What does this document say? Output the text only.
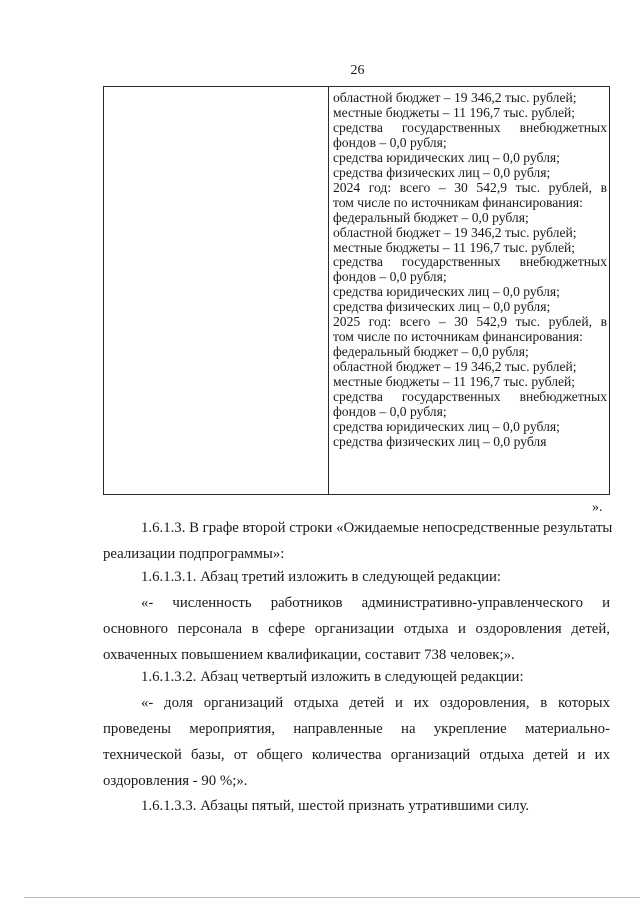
26
областной бюджет – 19 346,2 тыс. рублей;
местные бюджеты – 11 196,7 тыс. рублей;
средства государственных внебюджетных
фондов – 0,0 рубля;
средства юридических лиц – 0,0 рубля;
средства физических лиц – 0,0 рубля;
2024 год: всего – 30 542,9 тыс. рублей, в
том числе по источникам финансирования:
федеральный бюджет – 0,0 рубля;
областной бюджет – 19 346,2 тыс. рублей;
местные бюджеты – 11 196,7 тыс. рублей;
средства государственных внебюджетных
фондов – 0,0 рубля;
средства юридических лиц – 0,0 рубля;
средства физических лиц – 0,0 рубля;
2025 год: всего – 30 542,9 тыс. рублей, в
том числе по источникам финансирования:
федеральный бюджет – 0,0 рубля;
областной бюджет – 19 346,2 тыс. рублей;
местные бюджеты – 11 196,7 тыс. рублей;
средства государственных внебюджетных
фондов – 0,0 рубля;
средства юридических лиц – 0,0 рубля;
средства физических лиц – 0,0 рубля
».
1.6.1.3. В графе второй строки «Ожидаемые непосредственные результаты
реализации подпрограммы»:
1.6.1.3.1. Абзац третий изложить в следующей редакции:
«- численность работников административно-управленческого и
основного персонала в сфере организации отдыха и оздоровления детей,
охваченных повышением квалификации, составит 738 человек;».
1.6.1.3.2. Абзац четвертый изложить в следующей редакции:
«- доля организаций отдыха детей и их оздоровления, в которых
проведены мероприятия, направленные на укрепление материально-
технической базы, от общего количества организаций отдыха детей и их
оздоровления - 90 %;».
1.6.1.3.3. Абзацы пятый, шестой признать утратившими силу.
